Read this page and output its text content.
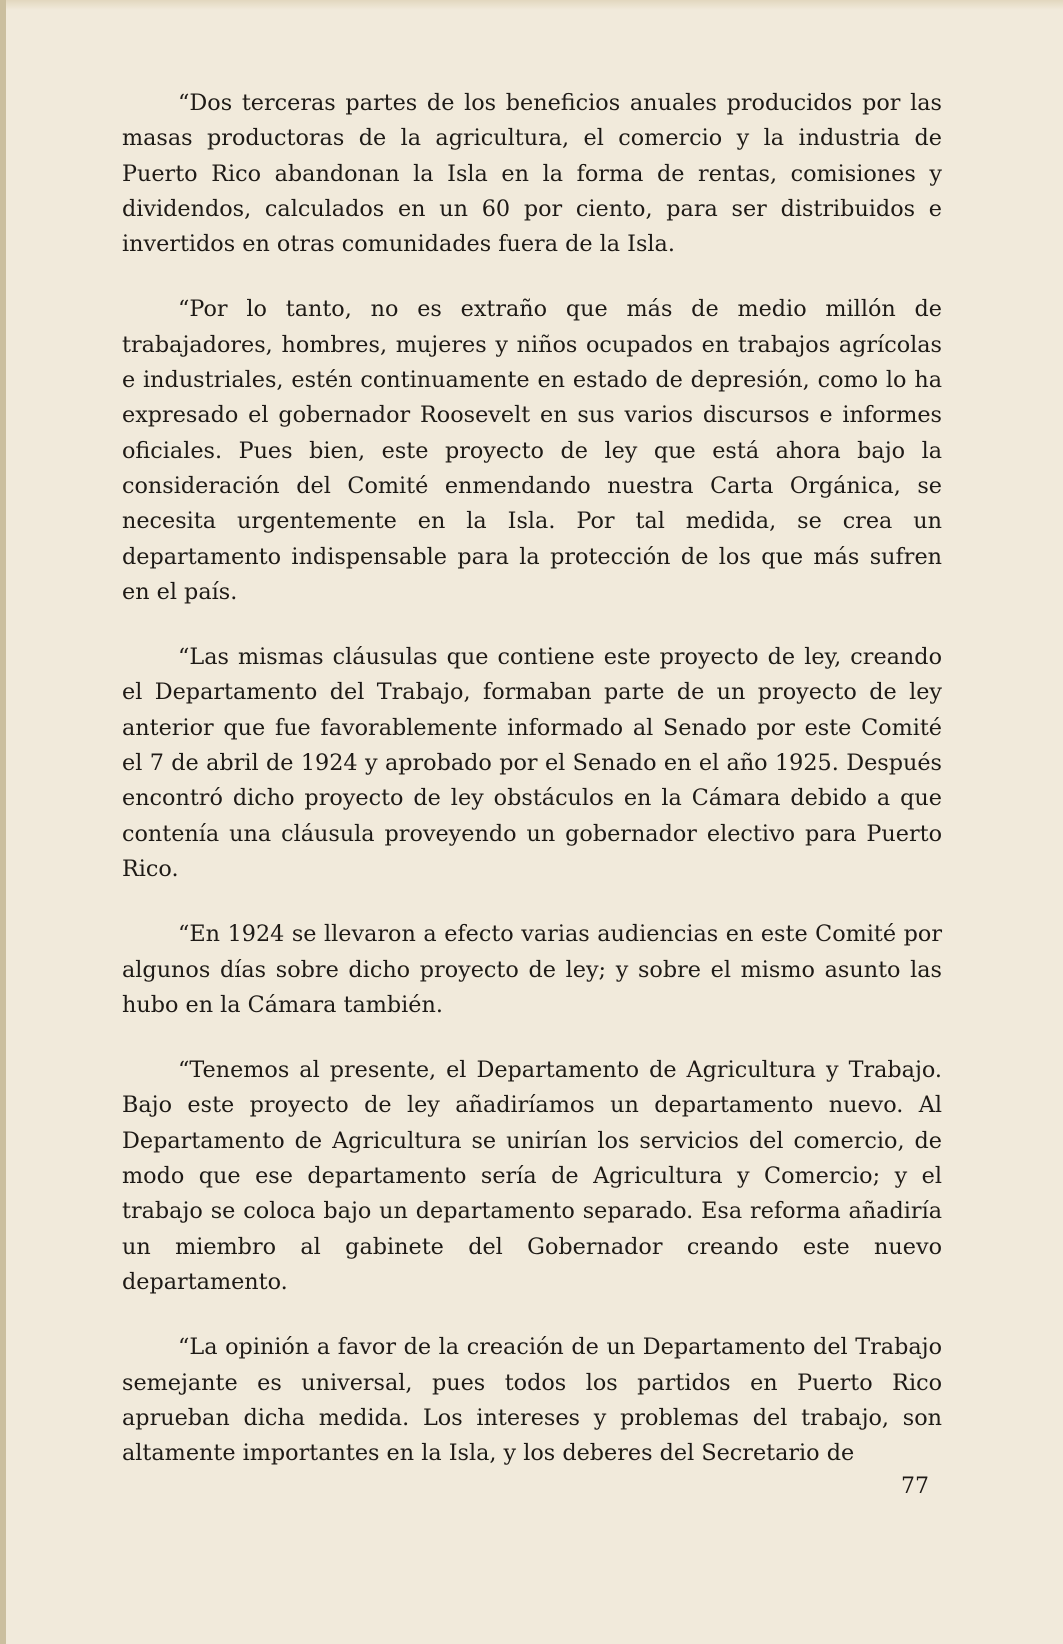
“Dos terceras partes de los beneficios anuales producidos por las masas productoras de la agricultura, el comercio y la industria de Puerto Rico abandonan la Isla en la forma de rentas, comisiones y dividendos, calculados en un 60 por ciento, para ser distribuidos e invertidos en otras comunidades fuera de la Isla.

“Por lo tanto, no es extraño que más de medio millón de trabajadores, hombres, mujeres y niños ocupados en trabajos agrícolas e industriales, estén continuamente en estado de depresión, como lo ha expresado el gobernador Roosevelt en sus varios discursos e informes oficiales. Pues bien, este proyecto de ley que está ahora bajo la consideración del Comité enmendando nuestra Carta Orgánica, se necesita urgentemente en la Isla. Por tal medida, se crea un departamento indispensable para la protección de los que más sufren en el país.

“Las mismas cláusulas que contiene este proyecto de ley, creando el Departamento del Trabajo, formaban parte de un proyecto de ley anterior que fue favorablemente informado al Senado por este Comité el 7 de abril de 1924 y aprobado por el Senado en el año 1925. Después encontró dicho proyecto de ley obstáculos en la Cámara debido a que contenía una cláusula proveyendo un gobernador electivo para Puerto Rico.

“En 1924 se llevaron a efecto varias audiencias en este Comité por algunos días sobre dicho proyecto de ley; y sobre el mismo asunto las hubo en la Cámara también.

“Tenemos al presente, el Departamento de Agricultura y Trabajo. Bajo este proyecto de ley añadiríamos un departamento nuevo. Al Departamento de Agricultura se unirían los servicios del comercio, de modo que ese departamento sería de Agricultura y Comercio; y el trabajo se coloca bajo un departamento separado. Esa reforma añadiría un miembro al gabinete del Gobernador creando este nuevo departamento.

“La opinión a favor de la creación de un Departamento del Trabajo semejante es universal, pues todos los partidos en Puerto Rico aprueban dicha medida. Los intereses y problemas del trabajo, son altamente importantes en la Isla, y los deberes del Secretario de

77
